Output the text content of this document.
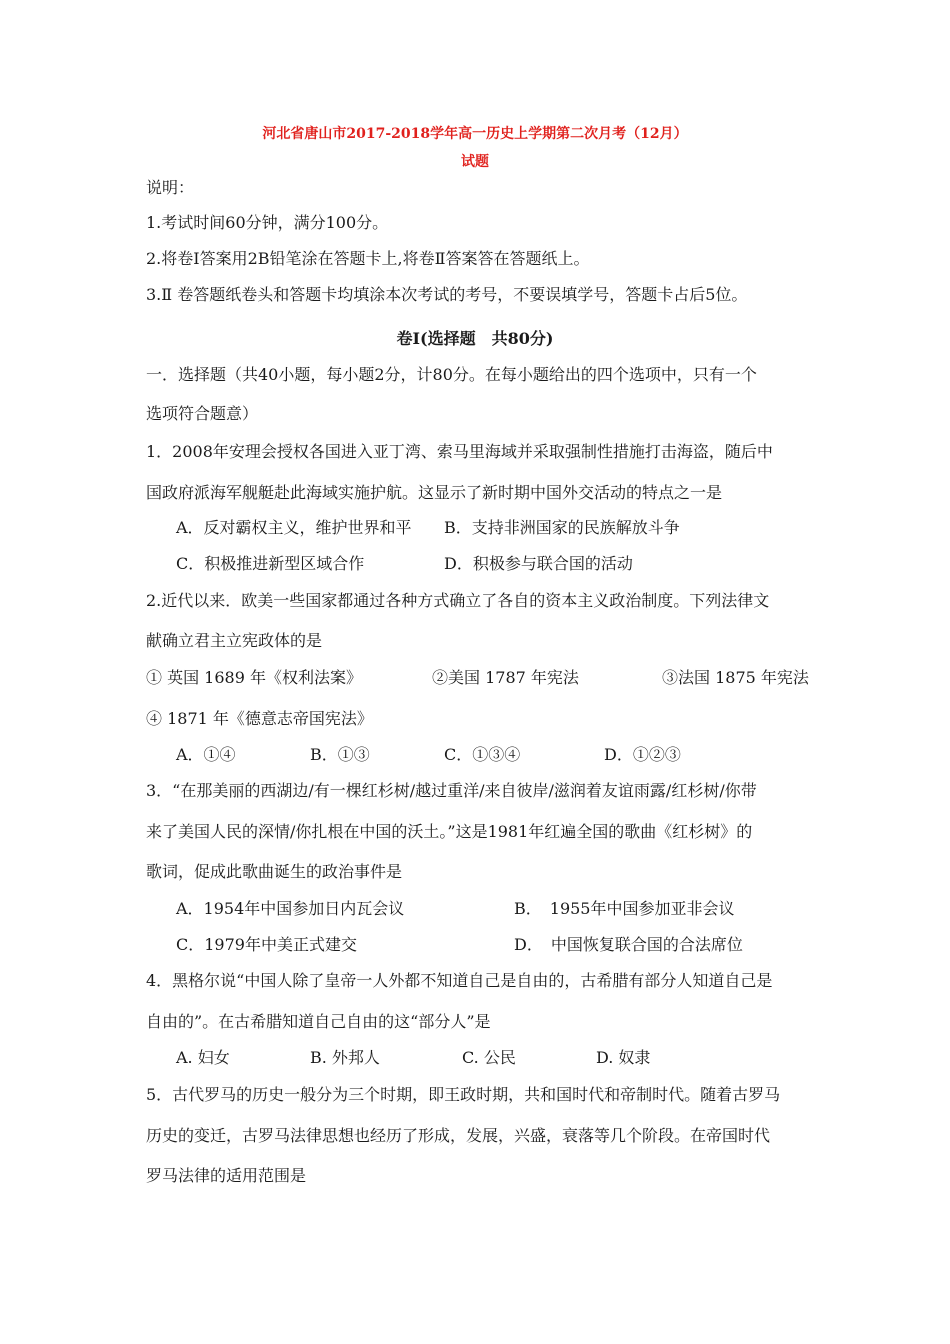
河北省唐山市2017-2018学年高一历史上学期第二次月考（12月）
试题
说明：
1.考试时间60分钟，满分100分。
2.将卷Ⅰ答案用2B铅笔涂在答题卡上,将卷Ⅱ答案答在答题纸上。
3.Ⅱ 卷答题纸卷头和答题卡均填涂本次考试的考号，不要误填学号，答题卡占后5位。
卷Ⅰ(选择题　共80分)
一．选择题（共40小题，每小题2分，计80分。在每小题给出的四个选项中，只有一个
选项符合题意）
1．2008年安理会授权各国进入亚丁湾、索马里海域并采取强制性措施打击海盗，随后中
国政府派海军舰艇赴此海域实施护航。这显示了新时期中国外交活动的特点之一是
A．反对霸权主义，维护世界和平 B．支持非洲国家的民族解放斗争
C．积极推进新型区域合作	D．积极参与联合国的活动
2.近代以来．欧美一些国家都通过各种方式确立了各自的资本主义政治制度。下列法律文
献确立君主立宪政体的是
① 英国 1689 年《权利法案》	②美国 1787 年宪法	③法国 1875 年宪法
④ 1871 年《德意志帝国宪法》
A．①④	B．①③	C．①③④	D．①②③
3．“在那美丽的西湖边/有一棵红杉树/越过重洋/来自彼岸/滋润着友谊雨露/红杉树/你带
来了美国人民的深情/你扎根在中国的沃土。”这是1981年红遍全国的歌曲《红杉树》的
歌词，促成此歌曲诞生的政治事件是
A．1954年中国参加日内瓦会议	B．　1955年中国参加亚非会议
C．1979年中美正式建交	D．　中国恢复联合国的合法席位
4．黑格尔说“中国人除了皇帝一人外都不知道自己是自由的，古希腊有部分人知道自己是
自由的”。在古希腊知道自己自由的这“部分人”是
A. 妇女	B. 外邦人	C. 公民	D. 奴隶
5．古代罗马的历史一般分为三个时期，即王政时期，共和国时代和帝制时代。随着古罗马
历史的变迁，古罗马法律思想也经历了形成，发展，兴盛，衰落等几个阶段。在帝国时代
罗马法律的适用范围是
